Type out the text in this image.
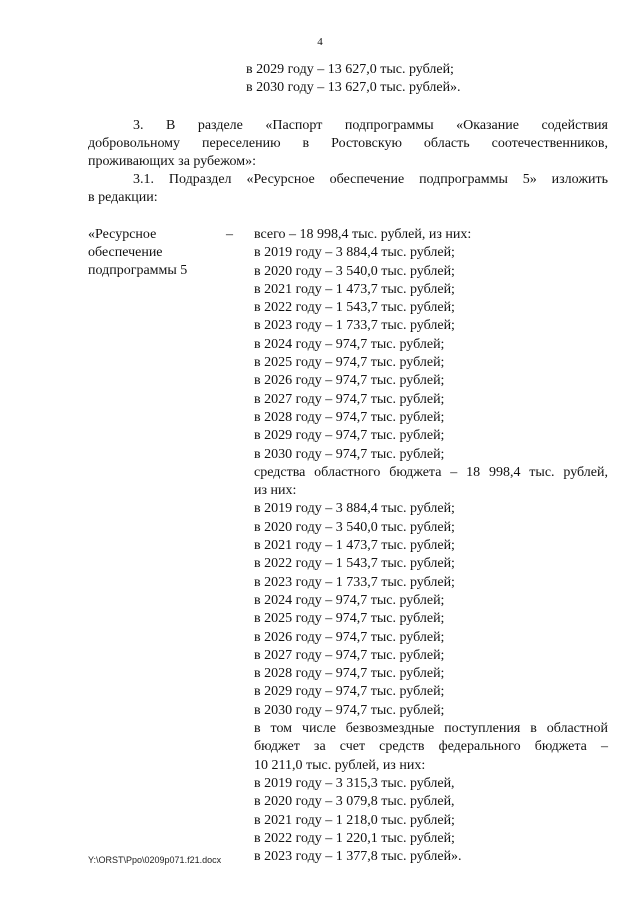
4
в 2029 году – 13 627,0 тыс. рублей;
в 2030 году – 13 627,0 тыс. рублей».
3. В разделе «Паспорт подпрограммы «Оказание содействия
добровольному переселению в Ростовскую область соотечественников,
проживающих за рубежом»:
3.1. Подраздел «Ресурсное обеспечение подпрограммы 5» изложить
в редакции:
«Ресурсное
обеспечение
подпрограммы 5
– всего – 18 998,4 тыс. рублей, из них:
в 2019 году – 3 884,4 тыс. рублей;
в 2020 году – 3 540,0 тыс. рублей;
в 2021 году – 1 473,7 тыс. рублей;
в 2022 году – 1 543,7 тыс. рублей;
в 2023 году – 1 733,7 тыс. рублей;
в 2024 году – 974,7 тыс. рублей;
в 2025 году – 974,7 тыс. рублей;
в 2026 году – 974,7 тыс. рублей;
в 2027 году – 974,7 тыс. рублей;
в 2028 году – 974,7 тыс. рублей;
в 2029 году – 974,7 тыс. рублей;
в 2030 году – 974,7 тыс. рублей;
средства областного бюджета – 18 998,4 тыс. рублей,
из них:
в 2019 году – 3 884,4 тыс. рублей;
в 2020 году – 3 540,0 тыс. рублей;
в 2021 году – 1 473,7 тыс. рублей;
в 2022 году – 1 543,7 тыс. рублей;
в 2023 году – 1 733,7 тыс. рублей;
в 2024 году – 974,7 тыс. рублей;
в 2025 году – 974,7 тыс. рублей;
в 2026 году – 974,7 тыс. рублей;
в 2027 году – 974,7 тыс. рублей;
в 2028 году – 974,7 тыс. рублей;
в 2029 году – 974,7 тыс. рублей;
в 2030 году – 974,7 тыс. рублей;
в том числе безвозмездные поступления в областной
бюджет за счет средств федерального бюджета –
10 211,0 тыс. рублей, из них:
в 2019 году – 3 315,3 тыс. рублей,
в 2020 году – 3 079,8 тыс. рублей,
в 2021 году – 1 218,0 тыс. рублей;
в 2022 году – 1 220,1 тыс. рублей;
в 2023 году – 1 377,8 тыс. рублей».
Y:\ORST\Ppo\0209p071.f21.docx
